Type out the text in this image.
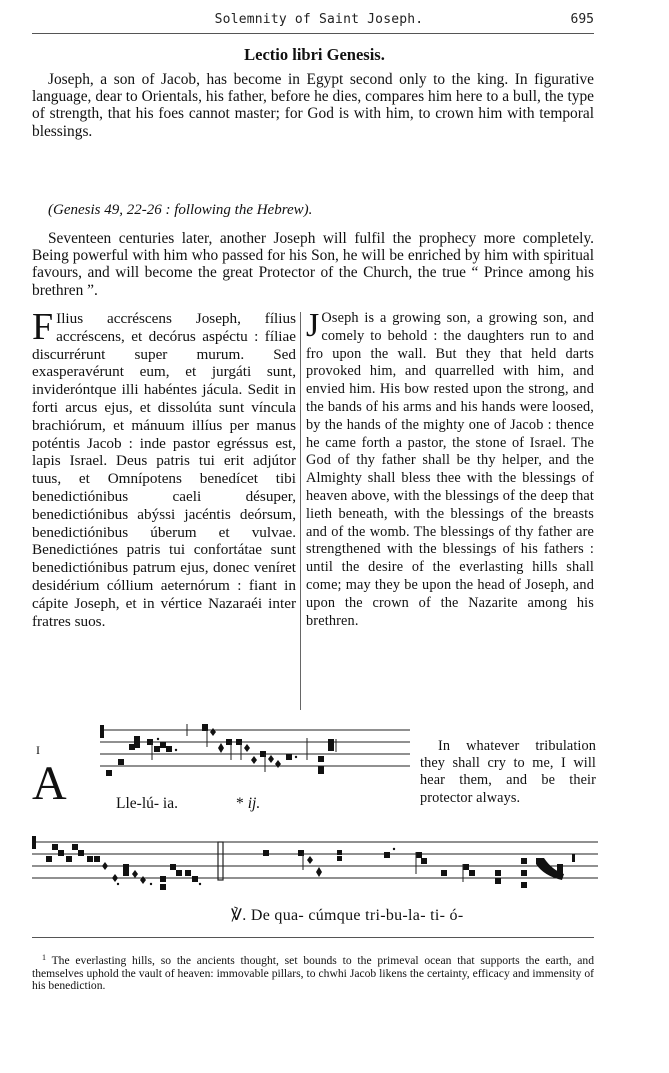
Solemnity of Saint Joseph.	695
Lectio libri Genesis.

Joseph, a son of Jacob, has become in Egypt second only to the king. In figurative language, dear to Orientals, his father, before he dies, compares him here to a bull, the type of strength, that his foes cannot master; for God is with him, to crown him with temporal blessings.

(Genesis 49, 22-26 : following the Hebrew).

Seventeen centuries later, another Joseph will fulfil the prophecy more completely. Being powerful with him who passed for his Son, he will be enriched by him with spiritual favours, and will become the great Protector of the Church, the true “ Prince among his brethren ”.

F Ilius accréscens Joseph, fílius accréscens, et decórus aspéctu : fíliae discurrérunt super murum. Sed exasperavérunt eum, et jurgáti sunt, invideróntque illi habéntes jácula. Sedit in forti arcus ejus, et dissolúta sunt víncula brachiórum, et mánuum illíus per manus poténtis Jacob : inde pastor egréssus est, lapis Israel. Deus patris tui erit adjútor tuus, et Omnípotens benedícet tibi benedictiónibus caeli désuper, benedictiónibus abýssi jacéntis deórsum, benedictiónibus úberum et vulvae. Benedictiónes patris tui confortátae sunt benedictiónibus patrum ejus, donec veníret desidérium cóllium aeternórum : fiant in cápite Joseph, et in vértice Nazaraéi inter fratres suos.
J Oseph is a growing son, a growing son, and comely to behold : the daughters run to and fro upon the wall. But they that held darts provoked him, and quarrelled with him, and envied him. His bow rested upon the strong, and the bands of his arms and his hands were loosed, by the hands of the mighty one of Jacob : thence he came forth a pastor, the stone of Israel. The God of thy father shall be thy helper, and the Almighty shall bless thee with the blessings of heaven above, with the blessings of the deep that lieth beneath, with the blessings of the breasts and of the womb. The blessings of thy father are strengthened with the blessings of his fathers : until the desire of the everlasting hills shall come; may they be upon the head of Joseph, and upon the crown of the Nazarite among his brethren.
I
A	Lle-lú- ia.	* ij.

In whatever tribulation they shall cry to me, I will hear them, and be their protector always.

℣. De qua- cúmque tri-bu-la- ti- ó-

$^1$ The everlasting hills, so the ancients thought, set bounds to the primeval ocean that supports the earth, and themselves uphold the vault of heaven: immovable pillars, to chwhi Jacob likens the certainty, efficacy and immensity of his benediction.
